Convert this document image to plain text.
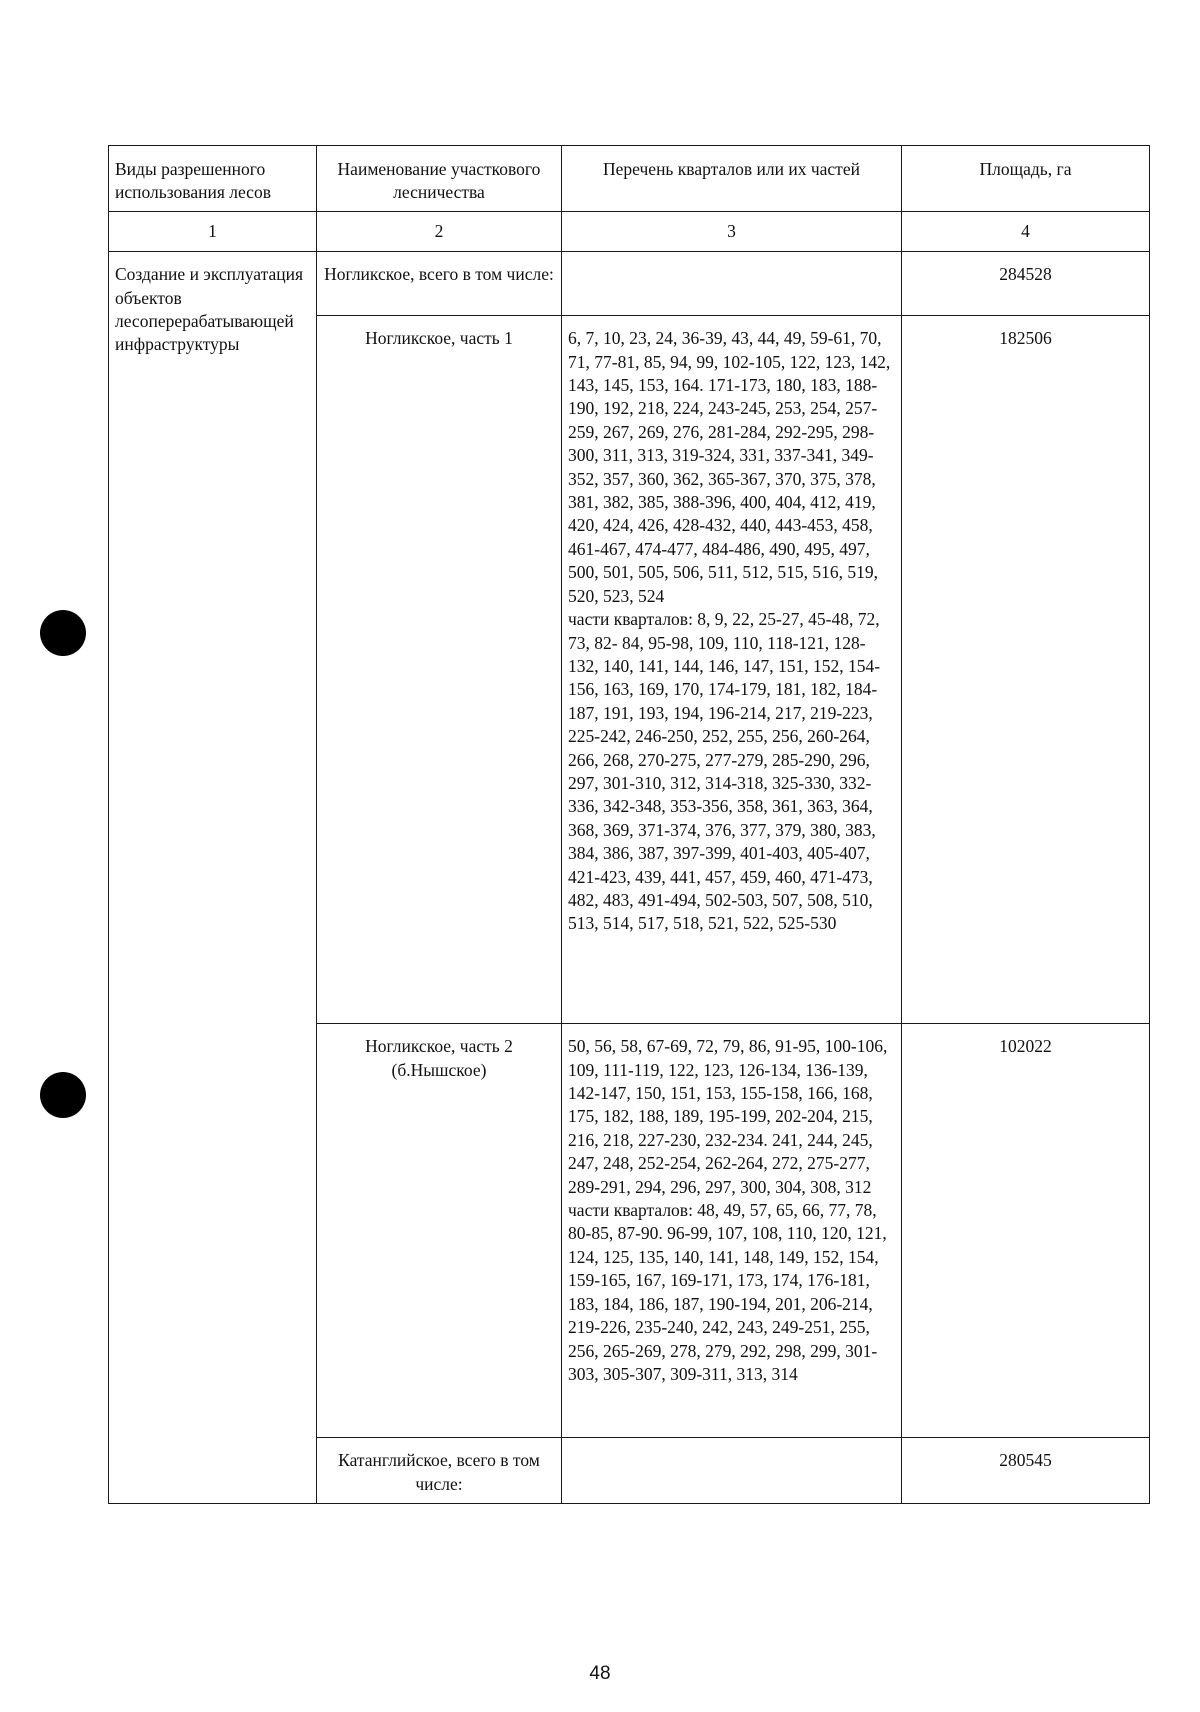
Виды разрешенного использования лесов	Наименование участкового лесничества	Перечень кварталов или их частей	Площадь, га
1	2	3	4
Создание и эксплуатация объектов лесоперерабатывающей инфраструктуры	Ногликское, всего в том числе:		284528
	Ногликское, часть 1	6, 7, 10, 23, 24, 36-39, 43, 44, 49, 59-61, 70, 71, 77-81, 85, 94, 99, 102-105, 122, 123, 142, 143, 145, 153, 164. 171-173, 180, 183, 188-190, 192, 218, 224, 243-245, 253, 254, 257-259, 267, 269, 276, 281-284, 292-295, 298-300, 311, 313, 319-324, 331, 337-341, 349-352, 357, 360, 362, 365-367, 370, 375, 378, 381, 382, 385, 388-396, 400, 404, 412, 419, 420, 424, 426, 428-432, 440, 443-453, 458, 461-467, 474-477, 484-486, 490, 495, 497, 500, 501, 505, 506, 511, 512, 515, 516, 519, 520, 523, 524
части кварталов: 8, 9, 22, 25-27, 45-48, 72, 73, 82- 84, 95-98, 109, 110, 118-121, 128-132, 140, 141, 144, 146, 147, 151, 152, 154-156, 163, 169, 170, 174-179, 181, 182, 184-187, 191, 193, 194, 196-214, 217, 219-223, 225-242, 246-250, 252, 255, 256, 260-264, 266, 268, 270-275, 277-279, 285-290, 296, 297, 301-310, 312, 314-318, 325-330, 332-336, 342-348, 353-356, 358, 361, 363, 364, 368, 369, 371-374, 376, 377, 379, 380, 383, 384, 386, 387, 397-399, 401-403, 405-407, 421-423, 439, 441, 457, 459, 460, 471-473, 482, 483, 491-494, 502-503, 507, 508, 510, 513, 514, 517, 518, 521, 522, 525-530	182506
	Ногликское, часть 2 (б.Нышское)	50, 56, 58, 67-69, 72, 79, 86, 91-95, 100-106, 109, 111-119, 122, 123, 126-134, 136-139, 142-147, 150, 151, 153, 155-158, 166, 168, 175, 182, 188, 189, 195-199, 202-204, 215, 216, 218, 227-230, 232-234. 241, 244, 245, 247, 248, 252-254, 262-264, 272, 275-277, 289-291, 294, 296, 297, 300, 304, 308, 312
части кварталов: 48, 49, 57, 65, 66, 77, 78, 80-85, 87-90. 96-99, 107, 108, 110, 120, 121, 124, 125, 135, 140, 141, 148, 149, 152, 154, 159-165, 167, 169-171, 173, 174, 176-181, 183, 184, 186, 187, 190-194, 201, 206-214, 219-226, 235-240, 242, 243, 249-251, 255, 256, 265-269, 278, 279, 292, 298, 299, 301-303, 305-307, 309-311, 313, 314	102022
	Катанглийское, всего в том числе:		280545
48
